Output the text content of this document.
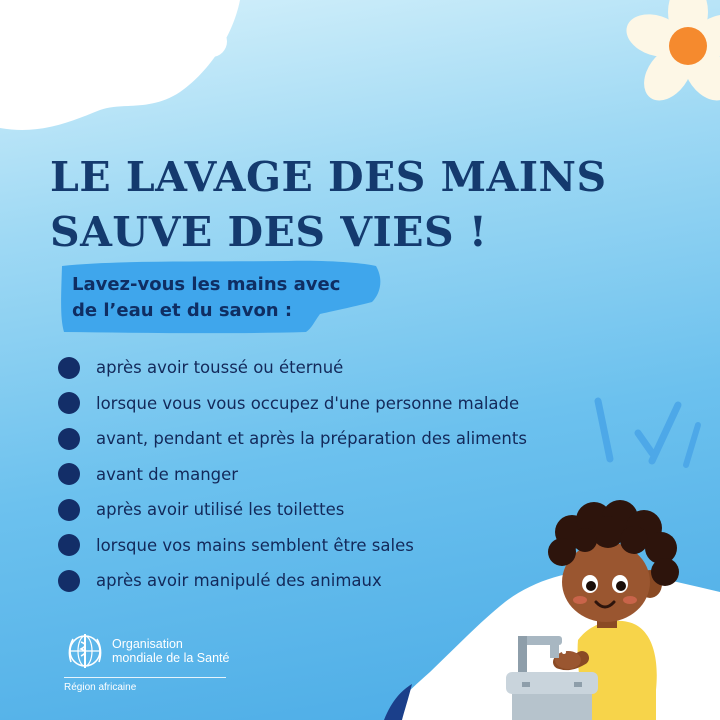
LE LAVAGE DES MAINS
SAUVE DES VIES !
Lavez-vous les mains avec
de l’eau et du savon :
après avoir toussé ou éternué
lorsque vous vous occupez d'une personne malade
avant, pendant et après la préparation des aliments
avant de manger
après avoir utilisé les toilettes
lorsque vos mains semblent être sales
après avoir manipulé des animaux
Organisation
mondiale de la Santé
Région africaine
